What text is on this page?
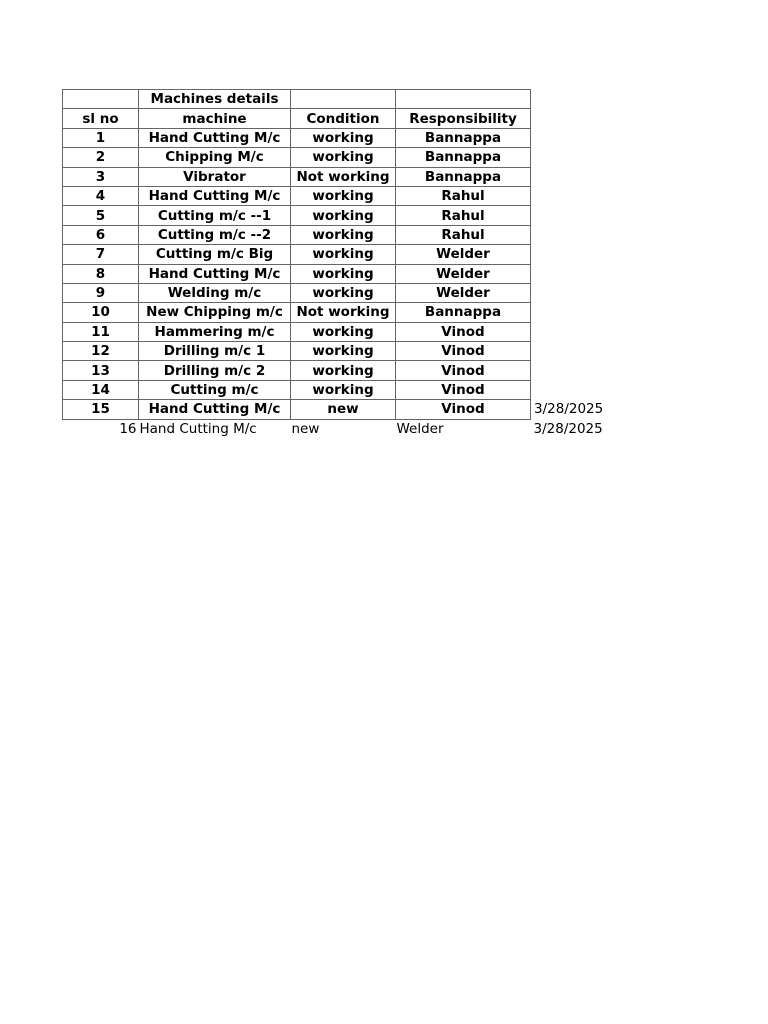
	Machines details			
sl no	machine	Condition	Responsibility	
1	Hand Cutting M/c	working	Bannappa	
2	Chipping M/c	working	Bannappa	
3	Vibrator	Not working	Bannappa	
4	Hand Cutting M/c	working	Rahul	
5	Cutting m/c --1	working	Rahul	
6	Cutting m/c --2	working	Rahul	
7	Cutting m/c Big	working	Welder	
8	Hand Cutting M/c	working	Welder	
9	Welding m/c	working	Welder	
10	New Chipping m/c	Not working	Bannappa	
11	Hammering m/c	working	Vinod	
12	Drilling m/c 1	working	Vinod	
13	Drilling m/c 2	working	Vinod	
14	Cutting m/c	working	Vinod	
15	Hand Cutting M/c	new	Vinod	3/28/2025
16	Hand Cutting M/c	new	Welder	3/28/2025
